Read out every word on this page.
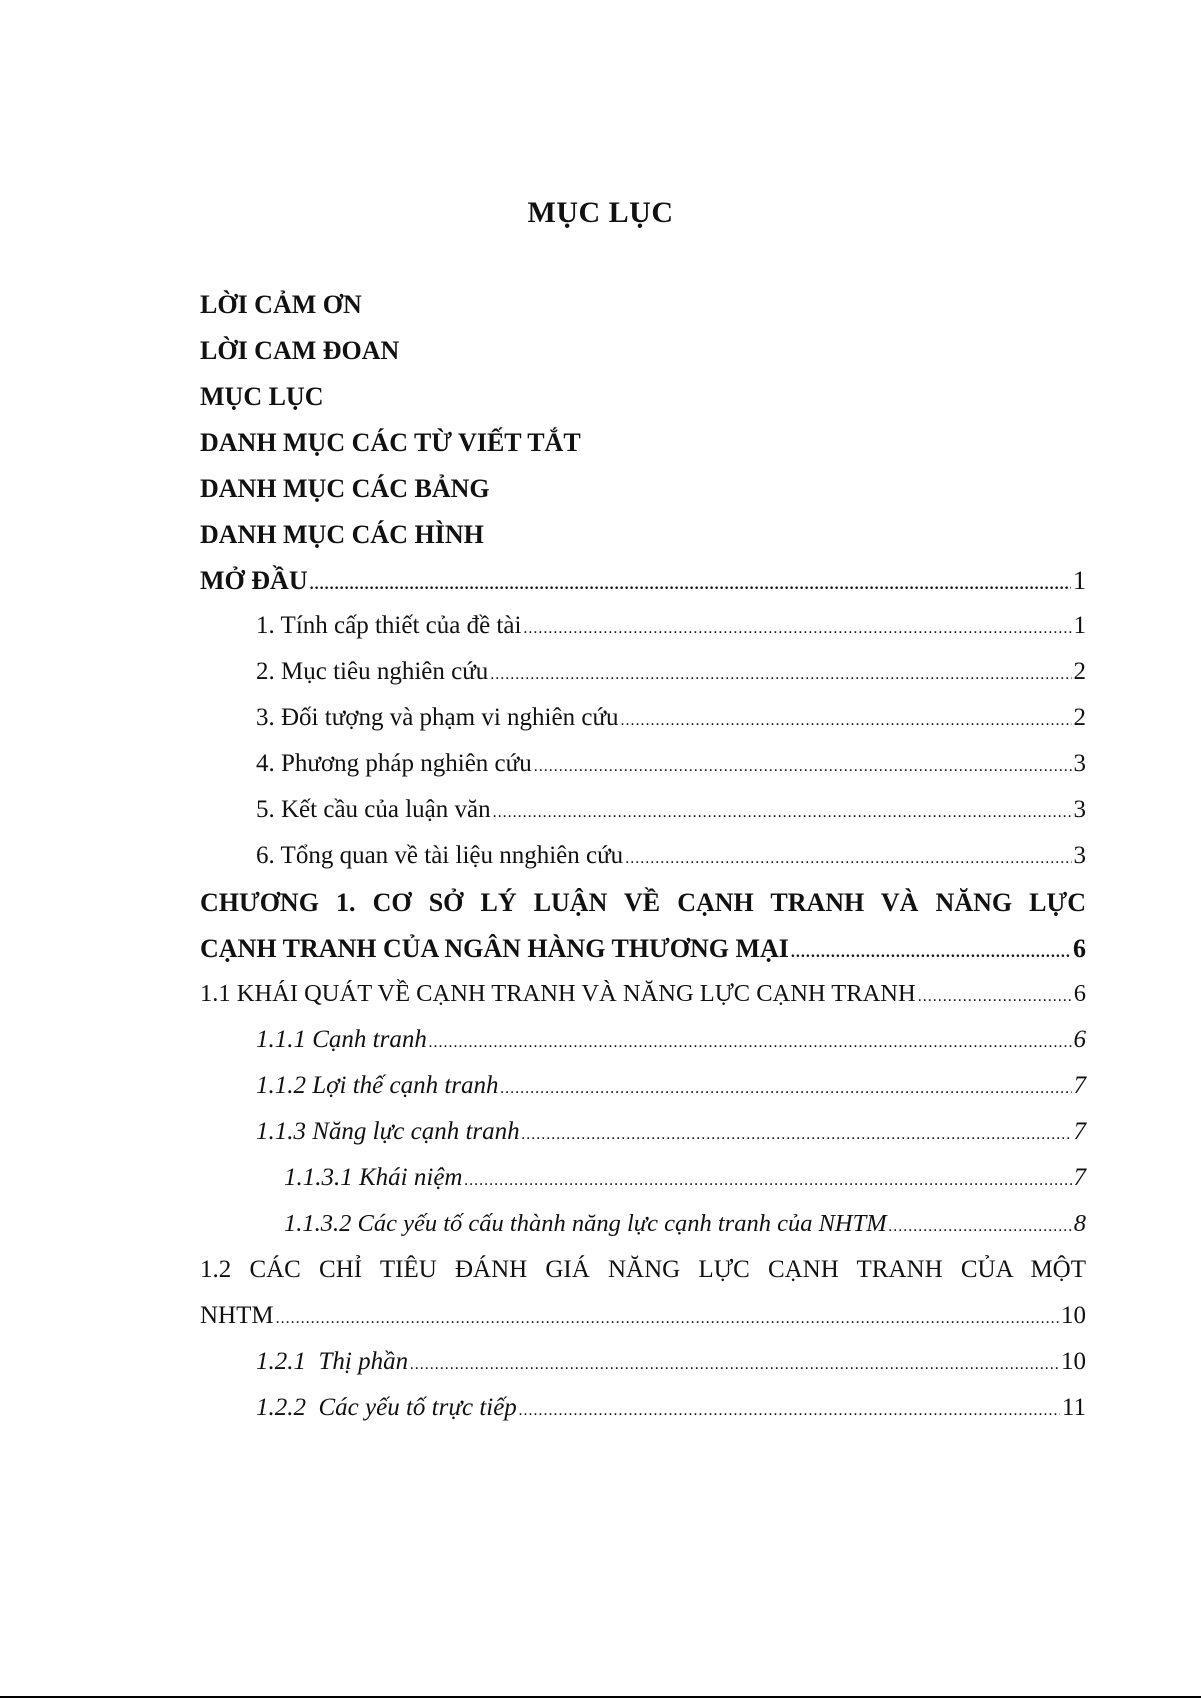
MỤC LỤC
LỜI CẢM ƠN
LỜI CAM ĐOAN
MỤC LỤC
DANH MỤC CÁC TỪ VIẾT TẮT
DANH MỤC CÁC BẢNG
DANH MỤC CÁC HÌNH
MỞ ĐẦU .....	1
1. Tính cấp thiết của đề tài .....	1
2. Mục tiêu nghiên cứu .....	2
3. Đối tượng và phạm vi nghiên cứu .....	2
4. Phương pháp nghiên cứu .....	3
5. Kết cầu của luận văn .....	3
6. Tổng quan về tài liệu nnghiên cứu .....	3
CHƯƠNG 1. CƠ SỞ LÝ LUẬN VỀ CẠNH TRANH VÀ NĂNG LỰC
CẠNH TRANH CỦA NGÂN HÀNG THƯƠNG MẠI .....	6
1.1 KHÁI QUÁT VỀ CẠNH TRANH VÀ NĂNG LỰC CẠNH TRANH .....	6
1.1.1 Cạnh tranh .....	6
1.1.2 Lợi thế cạnh tranh .....	7
1.1.3 Năng lực cạnh tranh .....	7
1.1.3.1 Khái niệm .....	7
1.1.3.2 Các yếu tố cấu thành năng lực cạnh tranh của NHTM .....	8
1.2 CÁC CHỈ TIÊU ĐÁNH GIÁ NĂNG LỰC CẠNH TRANH CỦA MỘT
NHTM .....	10
1.2.1  Thị phần .....	10
1.2.2  Các yếu tố trực tiếp .....	11
